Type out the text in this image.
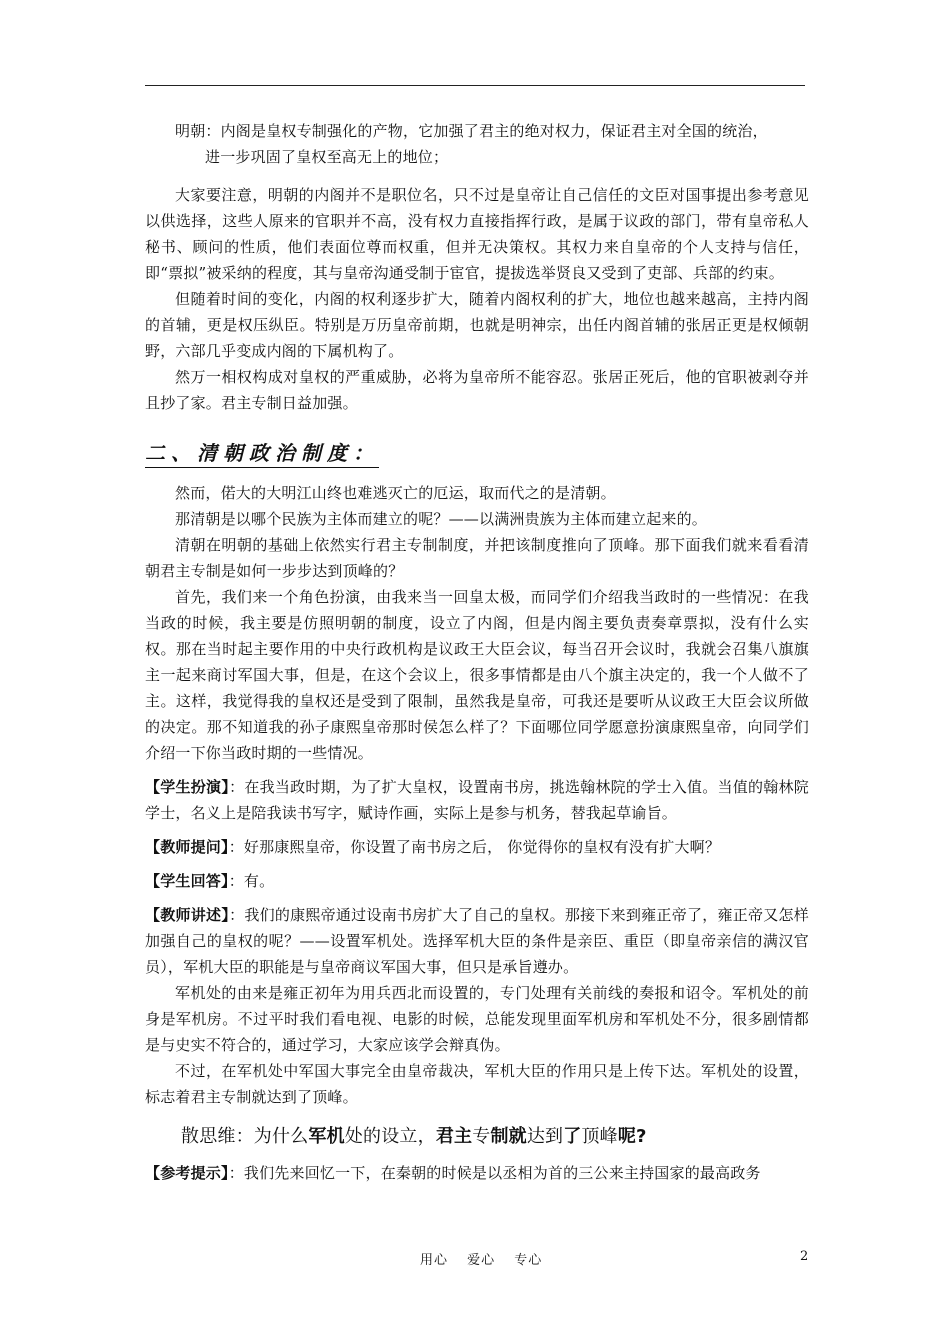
明朝：内阁是皇权专制强化的产物，它加强了君主的绝对权力，保证君主对全国的统治，
进一步巩固了皇权至高无上的地位；

大家要注意，明朝的内阁并不是职位名，只不过是皇帝让自己信任的文臣对国事提出参考意见以供选择，这些人原来的官职并不高，没有权力直接指挥行政，是属于议政的部门，带有皇帝私人秘书、顾问的性质，他们表面位尊而权重，但并无决策权。其权力来自皇帝的个人支持与信任，即“票拟”被采纳的程度，其与皇帝沟通受制于宦官，提拔选举贤良又受到了吏部、兵部的约束。

但随着时间的变化，内阁的权利逐步扩大，随着内阁权利的扩大，地位也越来越高，主持内阁的首辅，更是权压纵臣。特别是万历皇帝前期，也就是明神宗，出任内阁首辅的张居正更是权倾朝野，六部几乎变成内阁的下属机构了。

然万一相权构成对皇权的严重威胁，必将为皇帝所不能容忍。张居正死后，他的官职被剥夺并且抄了家。君主专制日益加强。

二、清朝政治制度：

然而，偌大的大明江山终也难逃灭亡的厄运，取而代之的是清朝。

那清朝是以哪个民族为主体而建立的呢？——以满洲贵族为主体而建立起来的。

清朝在明朝的基础上依然实行君主专制制度，并把该制度推向了顶峰。那下面我们就来看看清朝君主专制是如何一步步达到顶峰的？

首先，我们来一个角色扮演，由我来当一回皇太极，而同学们介绍我当政时的一些情况：在我当政的时候，我主要是仿照明朝的制度，设立了内阁，但是内阁主要负责奏章票拟，没有什么实权。那在当时起主要作用的中央行政机构是议政王大臣会议，每当召开会议时，我就会召集八旗旗主一起来商讨军国大事，但是，在这个会议上，很多事情都是由八个旗主决定的，我一个人做不了主。这样，我觉得我的皇权还是受到了限制，虽然我是皇帝，可我还是要听从议政王大臣会议所做的决定。那不知道我的孙子康熙皇帝那时侯怎么样了？下面哪位同学愿意扮演康熙皇帝，向同学们介绍一下你当政时期的一些情况。

【学生扮演】：在我当政时期，为了扩大皇权，设置南书房，挑选翰林院的学士入值。当值的翰林院学士，名义上是陪我读书写字，赋诗作画，实际上是参与机务，替我起草谕旨。

【教师提问】：好那康熙皇帝，你设置了南书房之后， 你觉得你的皇权有没有扩大啊？

【学生回答】：有。

【教师讲述】：我们的康熙帝通过设南书房扩大了自己的皇权。那接下来到雍正帝了，雍正帝又怎样加强自己的皇权的呢？——设置军机处。选择军机大臣的条件是亲臣、重臣（即皇帝亲信的满汉官员），军机大臣的职能是与皇帝商议军国大事，但只是承旨遵办。

军机处的由来是雍正初年为用兵西北而设置的，专门处理有关前线的奏报和诏令。军机处的前身是军机房。不过平时我们看电视、电影的时候，总能发现里面军机房和军机处不分，很多剧情都是与史实不符合的，通过学习，大家应该学会辩真伪。

不过，在军机处中军国大事完全由皇帝裁决，军机大臣的作用只是上传下达。军机处的设置，标志着君主专制就达到了顶峰。

散思维：为什么军机处的设立，君主专制就达到了顶峰呢?

【参考提示】：我们先来回忆一下，在秦朝的时候是以丞相为首的三公来主持国家的最高政务

用心 爱心 专心	2
